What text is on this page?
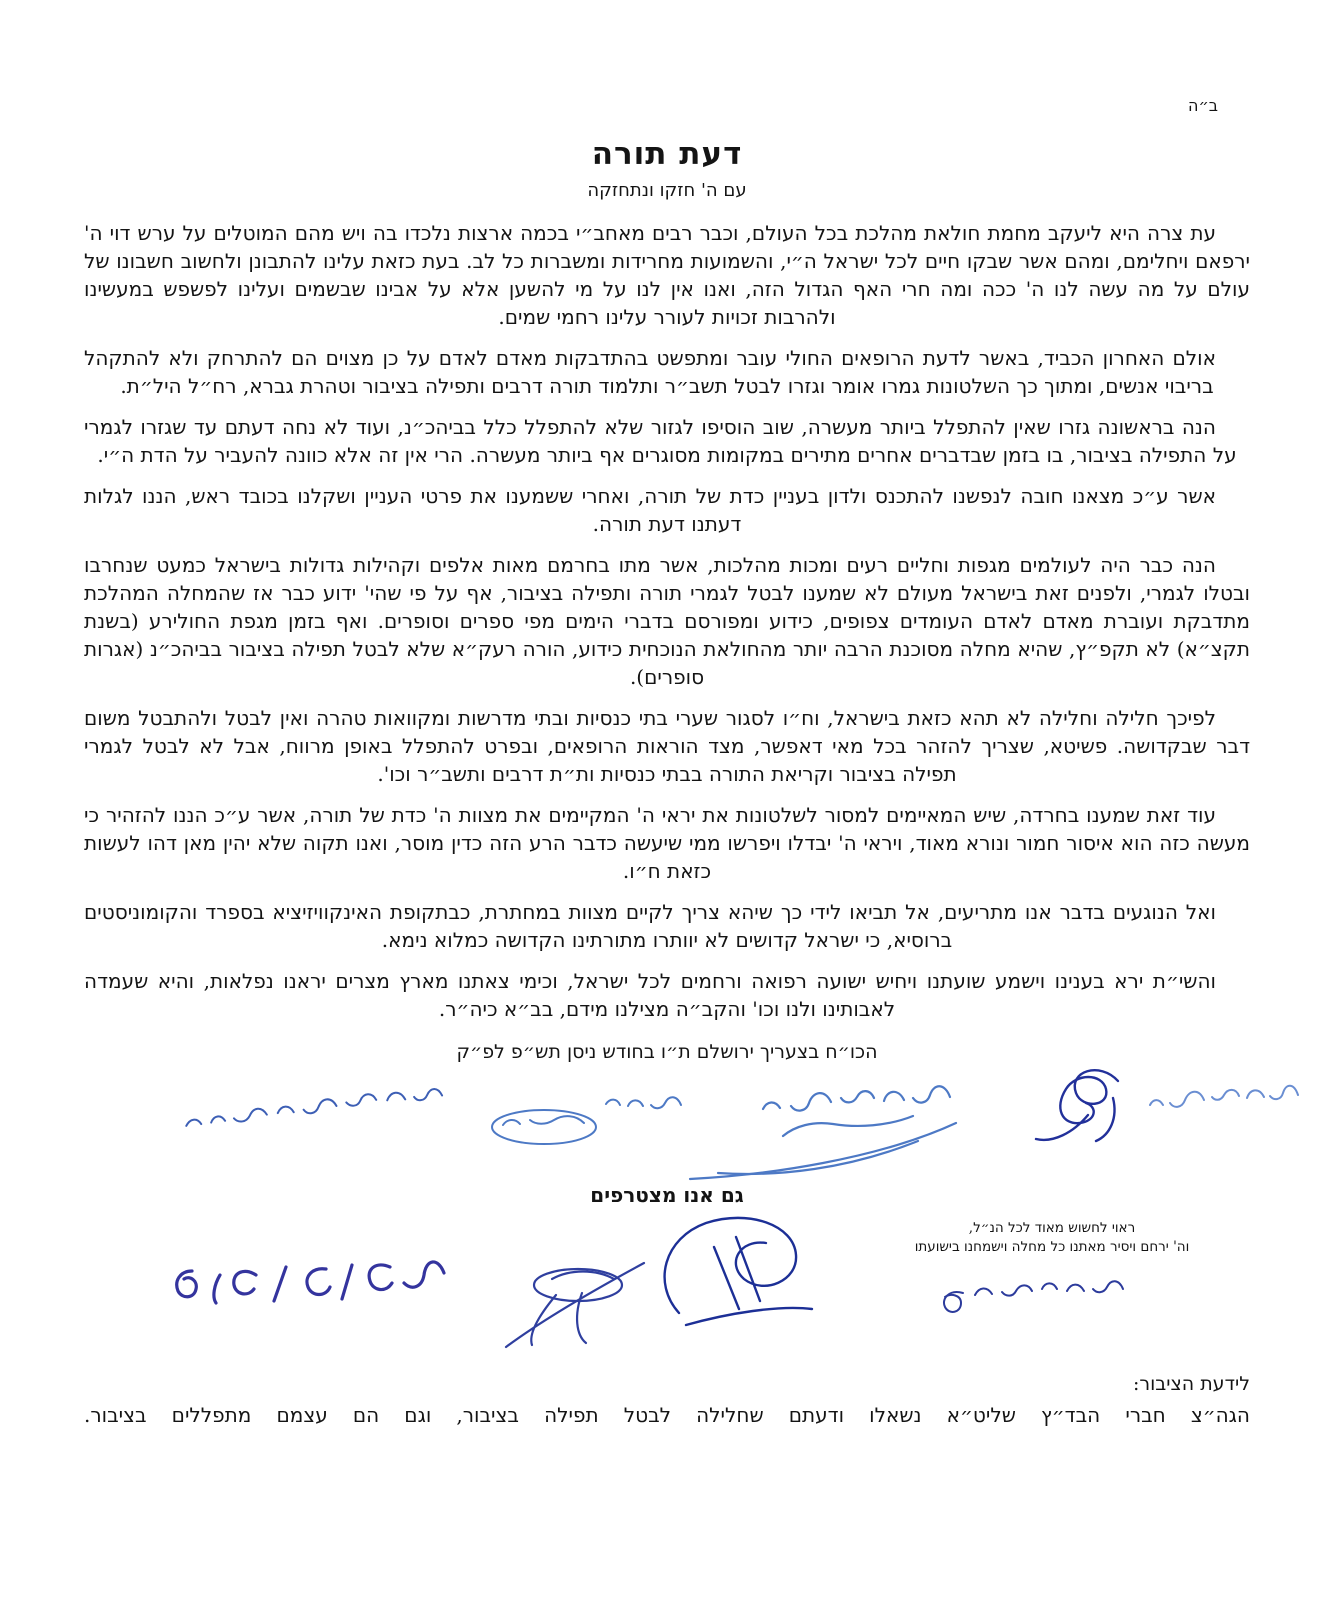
ב״ה
דעת תורה
עם ה' חזקו ונתחזקה

עת צרה היא ליעקב מחמת חולאת מהלכת בכל העולם, וכבר רבים מאחב״י בכמה ארצות נלכדו בה ויש מהם המוטלים על ערש דוי ה' ירפאם ויחלימם, ומהם אשר שבקו חיים לכל ישראל ה״י, והשמועות מחרידות ומשברות כל לב. בעת כזאת עלינו להתבונן ולחשוב חשבונו של עולם על מה עשה לנו ה' ככה ומה חרי האף הגדול הזה, ואנו אין לנו על מי להשען אלא על אבינו שבשמים ועלינו לפשפש במעשינו ולהרבות זכויות לעורר עלינו רחמי שמים.

אולם האחרון הכביד, באשר לדעת הרופאים החולי עובר ומתפשט בהתדבקות מאדם לאדם על כן מצוים הם להתרחק ולא להתקהל בריבוי אנשים, ומתוך כך השלטונות גמרו אומר וגזרו לבטל תשב״ר ותלמוד תורה דרבים ותפילה בציבור וטהרת גברא, רח״ל היל״ת.

הנה בראשונה גזרו שאין להתפלל ביותר מעשרה, שוב הוסיפו לגזור שלא להתפלל כלל בביהכ״נ, ועוד לא נחה דעתם עד שגזרו לגמרי על התפילה בציבור, בו בזמן שבדברים אחרים מתירים במקומות מסוגרים אף ביותר מעשרה. הרי אין זה אלא כוונה להעביר על הדת ה״י.

אשר ע״כ מצאנו חובה לנפשנו להתכנס ולדון בעניין כדת של תורה, ואחרי ששמענו את פרטי העניין ושקלנו בכובד ראש, הננו לגלות דעתנו דעת תורה.

הנה כבר היה לעולמים מגפות וחליים רעים ומכות מהלכות, אשר מתו בחרמם מאות אלפים וקהילות גדולות בישראל כמעט שנחרבו ובטלו לגמרי, ולפנים זאת בישראל מעולם לא שמענו לבטל לגמרי תורה ותפילה בציבור, אף על פי שהי' ידוע כבר אז שהמחלה המהלכת מתדבקת ועוברת מאדם לאדם העומדים צפופים, כידוע ומפורסם בדברי הימים מפי ספרים וסופרים. ואף בזמן מגפת החולירע (בשנת תקצ״א) לא תקפ״ץ, שהיא מחלה מסוכנת הרבה יותר מהחולאת הנוכחית כידוע, הורה רעק״א שלא לבטל תפילה בציבור בביהכ״נ (אגרות סופרים).

לפיכך חלילה וחלילה לא תהא כזאת בישראל, וח״ו לסגור שערי בתי כנסיות ובתי מדרשות ומקוואות טהרה ואין לבטל ולהתבטל משום דבר שבקדושה. פשיטא, שצריך להזהר בכל מאי דאפשר, מצד הוראות הרופאים, ובפרט להתפלל באופן מרווח, אבל לא לבטל לגמרי תפילה בציבור וקריאת התורה בבתי כנסיות ות״ת דרבים ותשב״ר וכו'.

עוד זאת שמענו בחרדה, שיש המאיימים למסור לשלטונות את יראי ה' המקיימים את מצוות ה' כדת של תורה, אשר ע״כ הננו להזהיר כי מעשה כזה הוא איסור חמור ונורא מאוד, ויראי ה' יבדלו ויפרשו ממי שיעשה כדבר הרע הזה כדין מוסר, ואנו תקוה שלא יהין מאן דהו לעשות כזאת ח״ו.

ואל הנוגעים בדבר אנו מתריעים, אל תביאו לידי כך שיהא צריך לקיים מצוות במחתרת, כבתקופת האינקוויזיציא בספרד והקומוניסטים ברוסיא, כי ישראל קדושים לא יוותרו מתורתינו הקדושה כמלוא נימא.

והשי״ת ירא בענינו וישמע שועתנו ויחיש ישועה רפואה ורחמים לכל ישראל, וכימי צאתנו מארץ מצרים יראנו נפלאות, והיא שעמדה לאבותינו ולנו וכו' והקב״ה מצילנו מידם, בב״א כיה״ר.

הכו״ח בצעריך ירושלם ת״ו בחודש ניסן תש״פ לפ״ק
גם אנו מצטרפים
ראוי לחשוש מאוד לכל הנ״ל,
וה' ירחם ויסיר מאתנו כל מחלה וישמחנו בישועתו
לידעת הציבור:

הגה״צ חברי הבד״ץ שליט״א נשאלו ודעתם שחלילה לבטל תפילה בציבור, וגם הם עצמם מתפללים בציבור.
